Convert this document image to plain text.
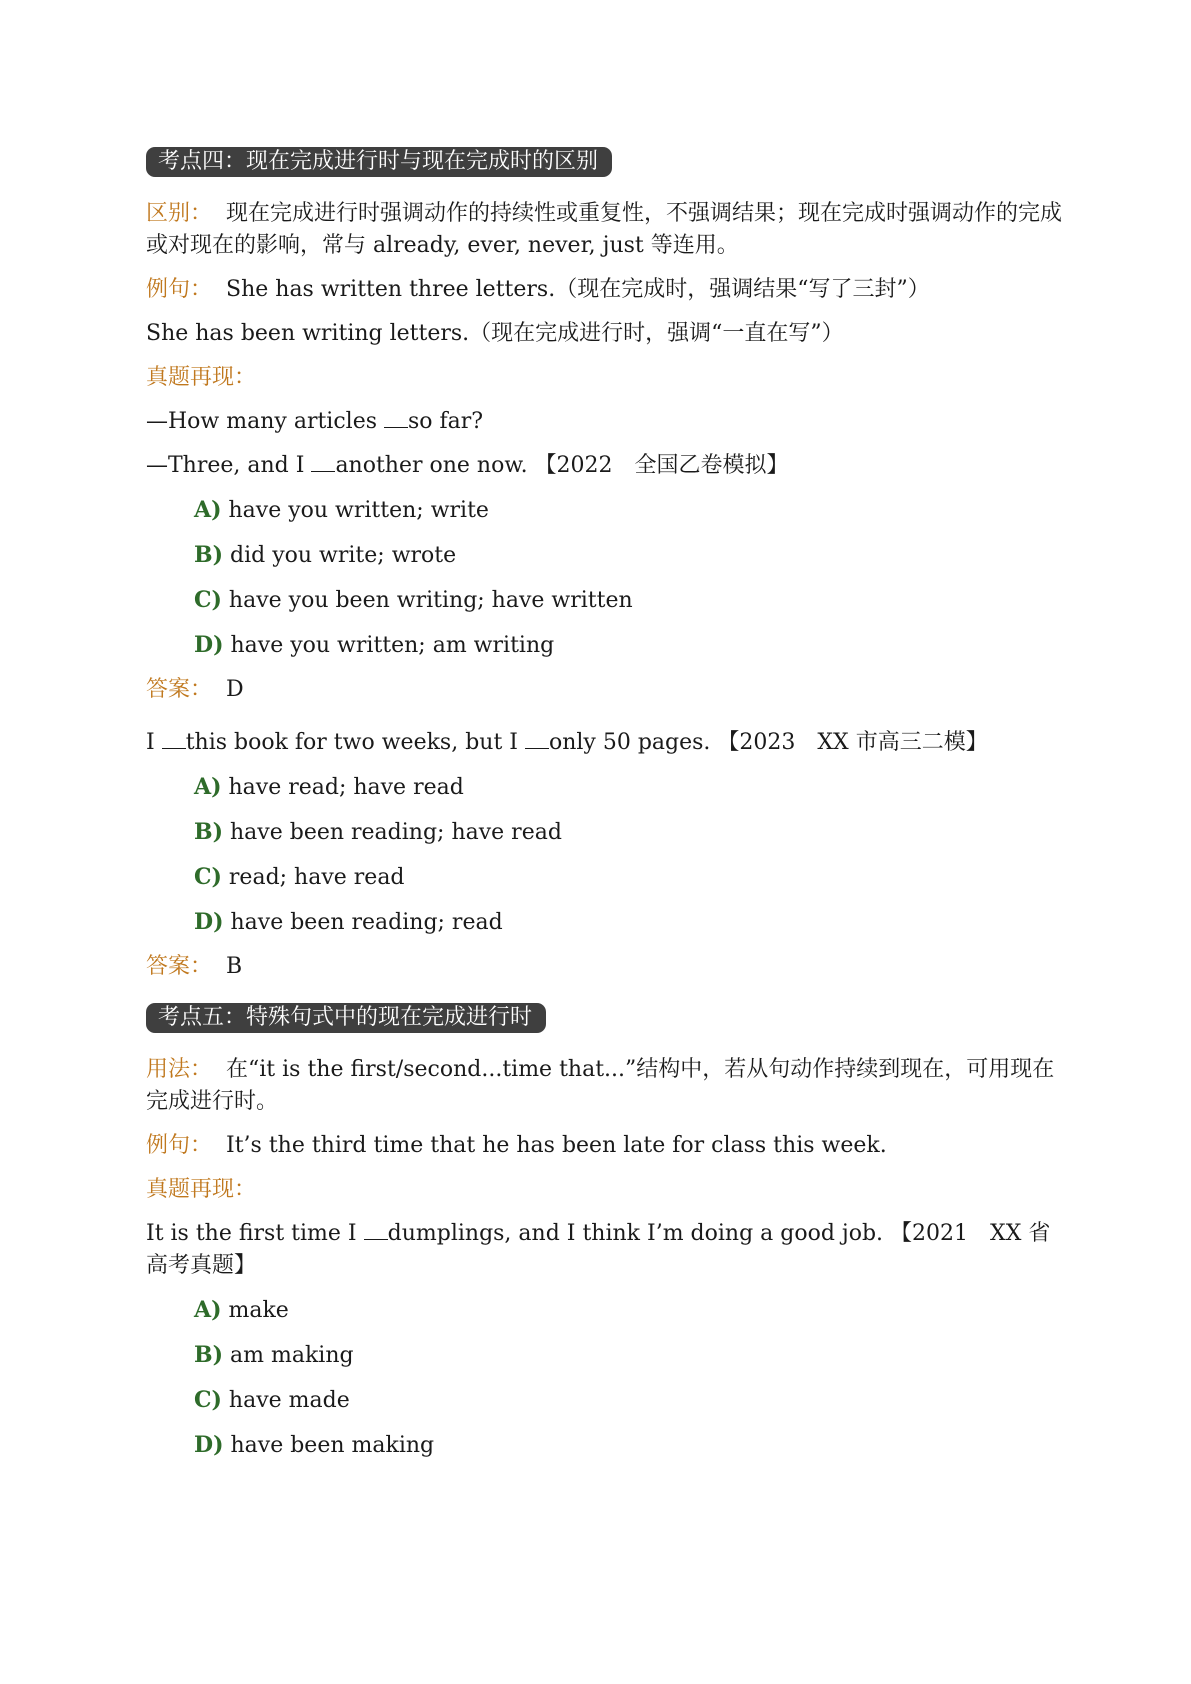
考点四：现在完成进行时与现在完成时的区别

区别： 现在完成进行时强调动作的持续性或重复性，不强调结果；现在完成时强调动作的完成或对现在的影响，常与 already, ever, never, just 等连用。

例句： She has written three letters.（现在完成时，强调结果“写了三封”）

She has been writing letters.（现在完成进行时，强调“一直在写”）

真题再现：

—How many articles so far?

—Three, and I another one now. 【2022　全国乙卷模拟】

A) have you written; write

B) did you write; wrote

C) have you been writing; have written

D) have you written; am writing

答案： D

I this book for two weeks, but I only 50 pages. 【2023　XX 市高三二模】

A) have read; have read

B) have been reading; have read

C) read; have read

D) have been reading; read

答案： B

考点五：特殊句式中的现在完成进行时

用法： 在“it is the first/second...time that...”结构中，若从句动作持续到现在，可用现在完成进行时。

例句： It’s the third time that he has been late for class this week.

真题再现：

It is the first time I dumplings, and I think I’m doing a good job. 【2021　XX 省高考真题】

A) make

B) am making

C) have made

D) have been making
